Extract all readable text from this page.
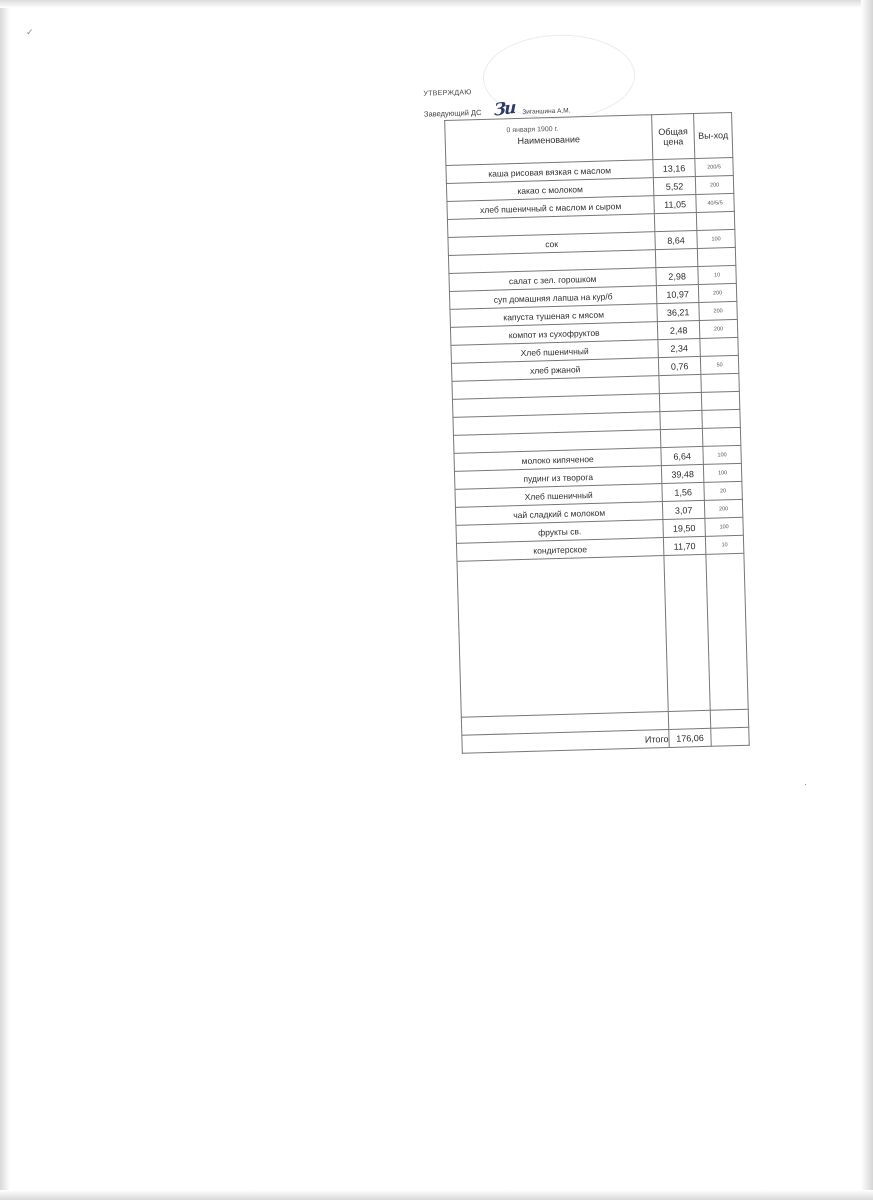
✓
·
УТВЕРЖДАЮ
Заведующий ДС Зи Зиганшина А.М.
0 января 1900 г.
Наименование	Общая цена	Вы-ход
каша рисовая вязкая с маслом	13,16	200/5
какао с молоком	5,52	200
хлеб пшеничный с маслом и сыром	11,05	40/5/5

сок	8,64	100

салат с зел. горошком	2,98	10
суп домашняя лапша на кур/б	10,97	200
капуста тушеная с мясом	36,21	200
компот из сухофруктов	2,48	200
Хлеб пшеничный	2,34	
хлеб ржаной	0,76	50

молоко кипяченое	6,64	100
пудинг из творога	39,48	100
Хлеб пшеничный	1,56	20
чай сладкий с молоком	3,07	200
фрукты св.	19,50	100
кондитерское	11,70	10

Итого	176,06	
